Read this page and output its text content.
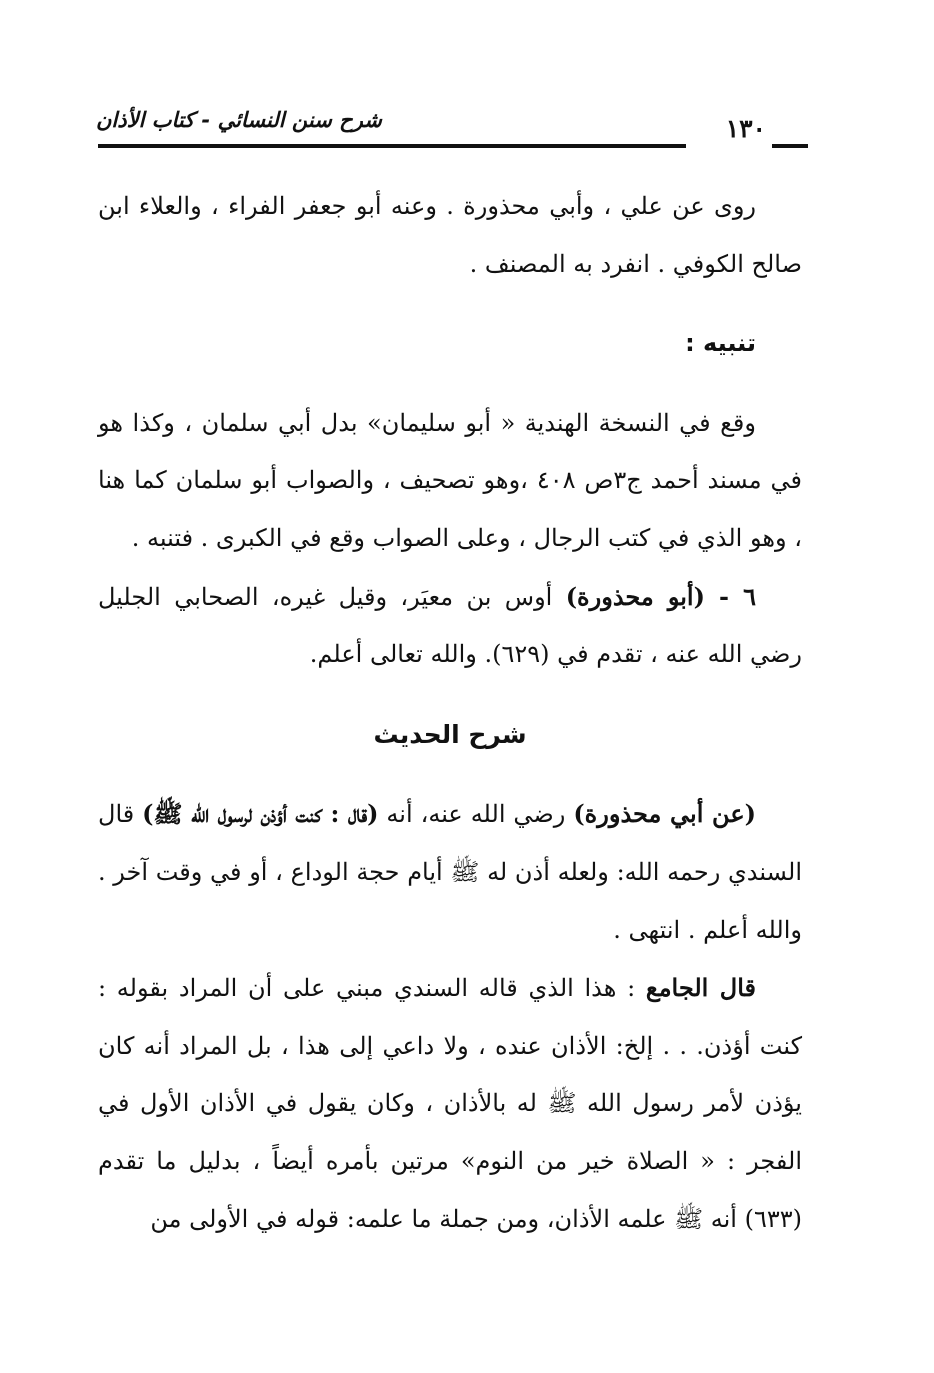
شرح سنن النسائي - كتاب الأذان	١٣٠

روى عن علي ، وأبي محذورة . وعنه أبو جعفر الفراء ، والعلاء ابن صالح الكوفي . انفرد به المصنف .

تنبيه :

وقع في النسخة الهندية « أبو سليمان» بدل أبي سلمان ، وكذا هو في مسند أحمد ج٣ص ٤٠٨ ،وهو تصحيف ، والصواب أبو سلمان كما هنا ، وهو الذي في كتب الرجال ، وعلى الصواب وقع في الكبرى . فتنبه .

٦ - (أبو محذورة) أوس بن معيَر، وقيل غيره، الصحابي الجليل رضي الله عنه ، تقدم في (٦٢٩). والله تعالى أعلم.

شرح الحديث

(عن أبي محذورة) رضي الله عنه، أنه (قال : كنت أؤذن لرسول الله ﷺ) قال السندي رحمه الله: ولعله أذن له ﷺ أيام حجة الوداع ، أو في وقت آخر . والله أعلم . انتهى .

قال الجامع : هذا الذي قاله السندي مبني على أن المراد بقوله : كنت أؤذن. . . إلخ: الأذان عنده ، ولا داعي إلى هذا ، بل المراد أنه كان يؤذن لأمر رسول الله ﷺ له بالأذان ، وكان يقول في الأذان الأول في الفجر : « الصلاة خير من النوم» مرتين بأمره أيضاً ، بدليل ما تقدم (٦٣٣) أنه ﷺ علمه الأذان، ومن جملة ما علمه: قوله في الأولى من
